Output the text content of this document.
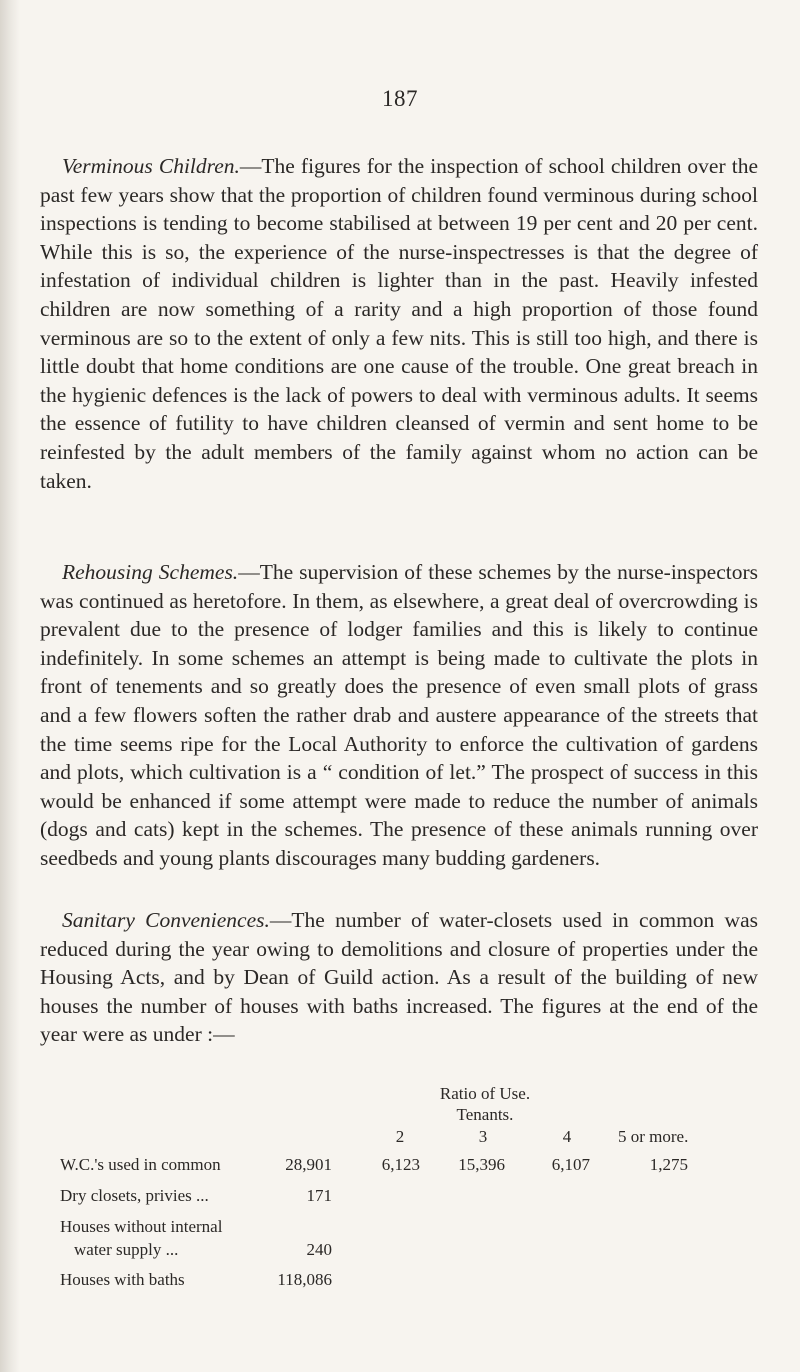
187

Verminous Children.—The figures for the inspection of school children over the past few years show that the proportion of children found verminous during school inspections is tending to become stabilised at between 19 per cent and 20 per cent. While this is so, the experience of the nurse-inspectresses is that the degree of infestation of individual children is lighter than in the past. Heavily infested children are now something of a rarity and a high proportion of those found verminous are so to the extent of only a few nits. This is still too high, and there is little doubt that home conditions are one cause of the trouble. One great breach in the hygienic defences is the lack of powers to deal with verminous adults. It seems the essence of futility to have children cleansed of vermin and sent home to be reinfested by the adult members of the family against whom no action can be taken.

Rehousing Schemes.—The supervision of these schemes by the nurse-inspectors was continued as heretofore. In them, as elsewhere, a great deal of overcrowding is prevalent due to the presence of lodger families and this is likely to continue indefinitely. In some schemes an attempt is being made to cultivate the plots in front of tenements and so greatly does the presence of even small plots of grass and a few flowers soften the rather drab and austere appearance of the streets that the time seems ripe for the Local Authority to enforce the cultivation of gardens and plots, which cultivation is a “ condition of let.” The prospect of success in this would be enhanced if some attempt were made to reduce the number of animals (dogs and cats) kept in the schemes. The presence of these animals running over seedbeds and young plants discourages many budding gardeners.

Sanitary Conveniences.—The number of water-closets used in common was reduced during the year owing to demolitions and closure of properties under the Housing Acts, and by Dean of Guild action. As a result of the building of new houses the number of houses with baths increased. The figures at the end of the year were as under :—

Ratio of Use.
Tenants.
2	3	4	5 or more.
W.C.'s used in common	28,901	6,123	15,396	6,107	1,275
Dry closets, privies ...	171
Houses without internal
water supply ...	240
Houses with baths	118,086
